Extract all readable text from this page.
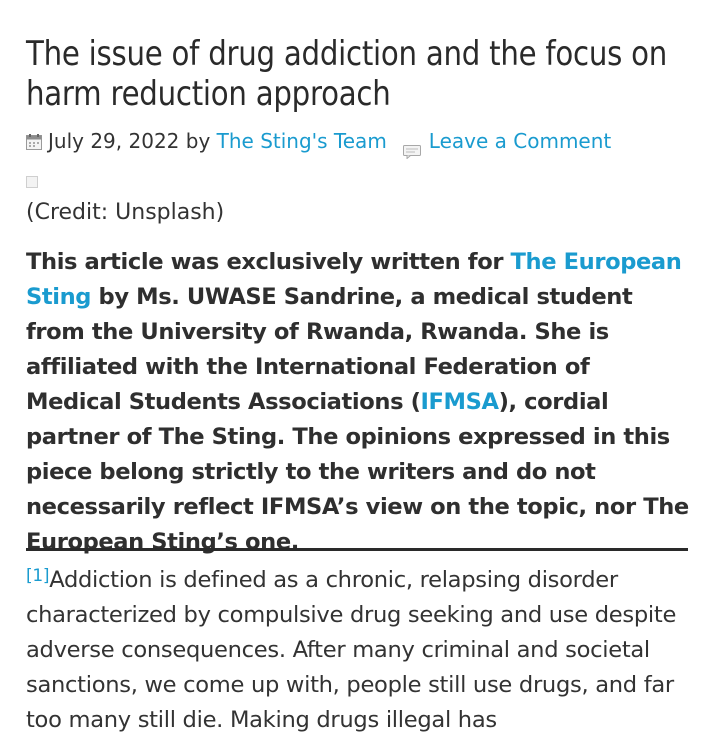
The issue of drug addiction and the focus on harm reduction approach
July 29, 2022 by The Sting's Team Leave a Comment

(Credit: Unsplash)

This article was exclusively written for The European Sting by Ms. UWASE Sandrine, a medical student from the University of Rwanda, Rwanda. She is affiliated with the International Federation of Medical Students Associations (IFMSA), cordial partner of The Sting. The opinions expressed in this piece belong strictly to the writers and do not necessarily reflect IFMSA’s view on the topic, nor The European Sting’s one.

[1]Addiction is defined as a chronic, relapsing disorder characterized by compulsive drug seeking and use despite adverse consequences. After many criminal and societal sanctions, we come up with, people still use drugs, and far too many still die. Making drugs illegal has
